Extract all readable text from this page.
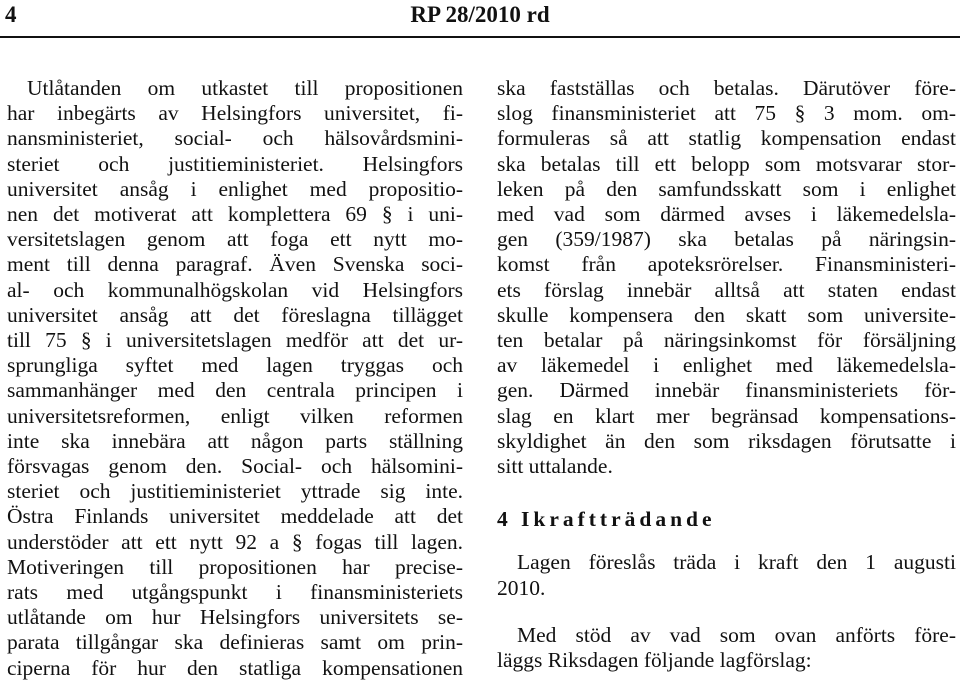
4	RP 28/2010 rd
Utlåtanden om utkastet till propositionen
har inbegärts av Helsingfors universitet, fi-
nansministeriet, social- och hälsovårdsmini-
steriet och justitieministeriet. Helsingfors
universitet ansåg i enlighet med propositio-
nen det motiverat att komplettera 69 § i uni-
versitetslagen genom att foga ett nytt mo-
ment till denna paragraf. Även Svenska soci-
al- och kommunalhögskolan vid Helsingfors
universitet ansåg att det föreslagna tillägget
till 75 § i universitetslagen medför att det ur-
sprungliga syftet med lagen tryggas och
sammanhänger med den centrala principen i
universitetsreformen, enligt vilken reformen
inte ska innebära att någon parts ställning
försvagas genom den. Social- och hälsomini-
steriet och justitieministeriet yttrade sig inte.
Östra Finlands universitet meddelade att det
understöder att ett nytt 92 a § fogas till lagen.
Motiveringen till propositionen har precise-
rats med utgångspunkt i finansministeriets
utlåtande om hur Helsingfors universitets se-
parata tillgångar ska definieras samt om prin-
ciperna för hur den statliga kompensationen
ska fastställas och betalas. Därutöver före-
slog finansministeriet att 75 § 3 mom. om-
formuleras så att statlig kompensation endast
ska betalas till ett belopp som motsvarar stor-
leken på den samfundsskatt som i enlighet
med vad som därmed avses i läkemedelsla-
gen (359/1987) ska betalas på näringsin-
komst från apoteksrörelser. Finansministeri-
ets förslag innebär alltså att staten endast
skulle kompensera den skatt som universite-
ten betalar på näringsinkomst för försäljning
av läkemedel i enlighet med läkemedelsla-
gen. Därmed innebär finansministeriets för-
slag en klart mer begränsad kompensations-
skyldighet än den som riksdagen förutsatte i
sitt uttalande.
4 Ikraftträdande
Lagen föreslås träda i kraft den 1 augusti
2010.
Med stöd av vad som ovan anförts före-
läggs Riksdagen följande lagförslag:
